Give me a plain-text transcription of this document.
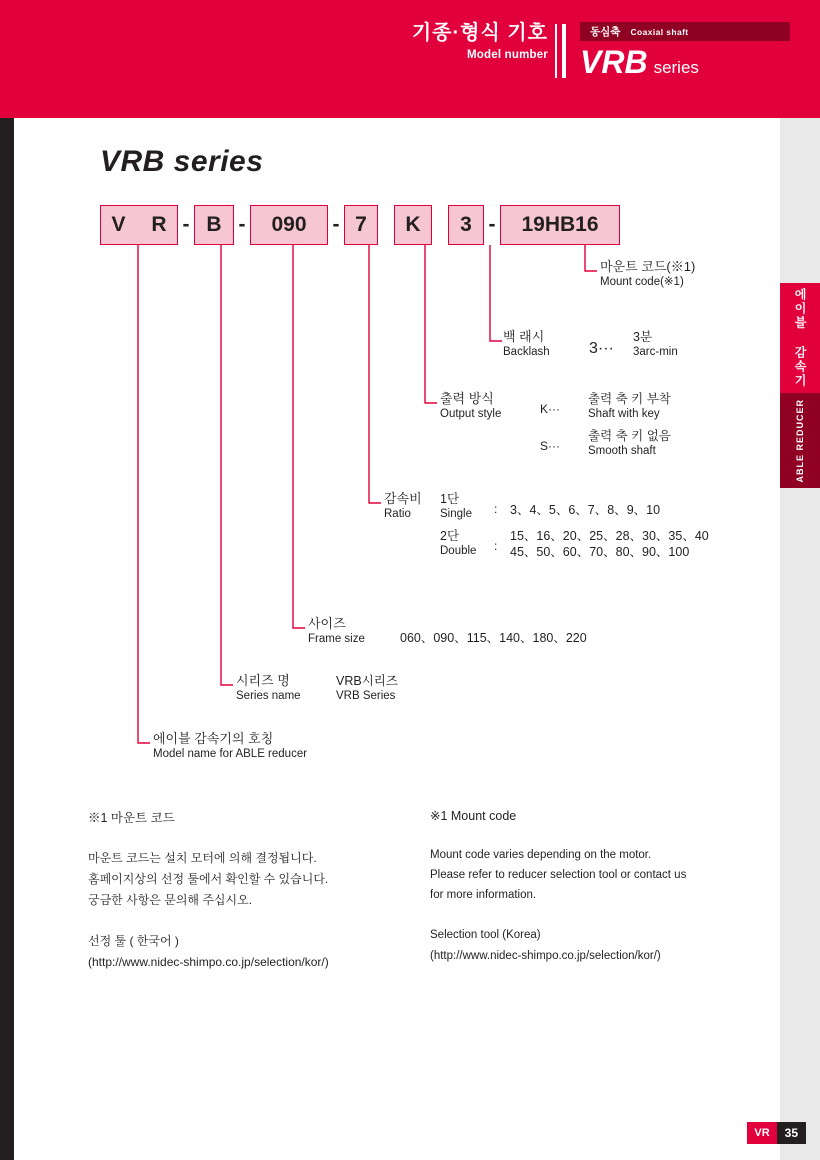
기종·형식 기호
Model number
동심축 Coaxial shaft
VRB series
에이블 감속기
ABLE REDUCER
VRB series
V R - B -	090	- 7	K	3 -	19HB16
마운트 코드(※1)
Mount code(※1)
백 래시
Backlash	3···
3분
3arc-min
출력 방식
Output style	K···
출력 축 키 부착
Shaft with key
S···
출력 축 키 없음
Smooth shaft
감속비
Ratio
1단
Single	:	3、4、5、6、7、8、9、10
2단
Double	:
15、16、20、25、28、30、35、40
45、50、60、70、80、90、100
사이즈
Frame size	060、090、115、140、180、220
시리즈 명
Series name
VRB시리즈
VRB Series
에이블 감속기의 호칭
Model name for ABLE reducer
※1 마운트 코드
마운트 코드는 설치 모터에 의해 결정됩니다.
홈페이지상의 선정 툴에서 확인할 수 있습니다.
궁금한 사항은 문의해 주십시오.
선정 툴 ( 한국어 )
(http://www.nidec-shimpo.co.jp/selection/kor/)
※1 Mount code
Mount code varies depending on the motor.
Please refer to reducer selection tool or contact us
for more information.
Selection tool (Korea)
(http://www.nidec-shimpo.co.jp/selection/kor/)
VR	35
